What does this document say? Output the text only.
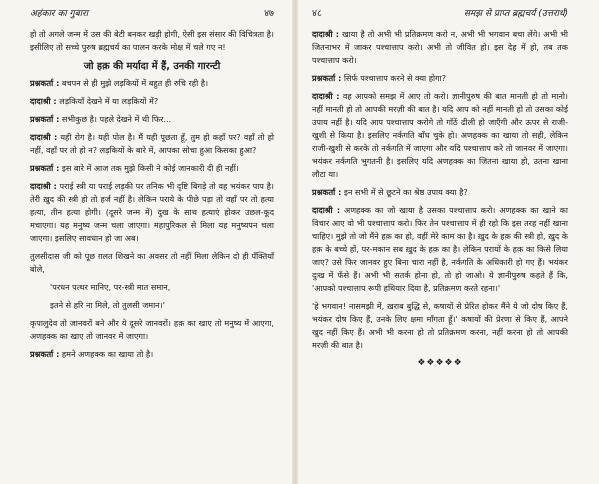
अहंकार का गुबारा	४७

हो तो अगले जन्म में उस की बेटी बनकर खड़ी होगी, ऐसी इस संसार की विचित्रता है। इसीलिए तो सच्चे पुरुष ब्रह्मचर्य का पालन करके मोक्ष में चले गए न!

जो हक़ की मर्यादा में हैं, उनकी गारन्टी

प्रश्नकर्ता : बचपन से ही मुझे लड़कियों में बहुत ही रुचि रही है।

दादाश्री : लड़कियाँ देखने में या लड़कियों में?

प्रश्नकर्ता : सभीकुछ है। पहले देखने में थी फिर...

दादाश्री : यही रोग है। यही पोल है। मैं यही पूछता हूँ, तुम हो कहाँ पर? वहाँ तो हो नहीं, वहाँ पर तो हो न? लड़कियों के बारे में, आपका सोचा हुआ किसका हुआ?

प्रश्नकर्ता : इस बारे में आज तक मुझे किसी ने कोई जानकारी दी ही नहीं।

दादाश्री : पराई स्त्री या पराई लड़की पर तनिक भी दृष्टि बिगड़े तो वह भयंकर पाप है। तेरी ख़ुद की स्त्री हो तो हर्ज नहीं है। लेकिन पराये के पीछे पड़ा तो वहाँ पर तो हत्या हत्या, तीन हत्या होगी। (दूसरे जन्म में) दुख के साथ हत्याएं होकर उछल-कूद मचाएगा। यह मनुष्य जन्म चला जाएगा। महापुरिकल से मिला यह मनुष्यपन चला जाएगा। इसलिए सावधान हो जा अब।

तुलसीदास जी को पूछ ग़लत शिखने का अवसर तो नहीं मिला लेकिन दो ही पँक्तियाँ बोले,

'परधन पत्थर मानिए, पर-स्त्री मात समान,

इतने से हरि ना मिले, तो तुलसी जमान।'

कृपालुदेव तो जानवरों बने और ये दूसरे जानवरों। हक़ का खाए तो मनुष्य में आएगा, अणहक्क का खाए तो जानवर में जाएगा।

प्रश्नकर्ता : हमने अणहक्क का खाया तो है।

४८	समझ से प्राप्त ब्रह्मचर्य (उत्तरार्ध)

दादाश्री : खाया है तो अभी भी प्रतिक्रमण करो न, अभी भी भगवान बचा लेंगे। अभी भी जितनाभर में जाकर पश्चात्ताप करो। अभी तो जीवित हो। इस देह में हो, तब तक पश्चात्ताप करो।

प्रश्नकर्ता : सिर्फ पश्चात्ताप करने से क्या होगा?

दादाश्री : वह आपको समझ में आए तो करो। ज्ञानीपुरुष की बात मानती हो तो मानो। नहीं मानती हो तो आपकी मरज़ी की बात है। यदि आप को नहीं मानती हो तो उसका कोई उपाय नहीं है। यदि आप पश्चात्ताप करोगे तो गाँठें ढीली हो जाएँगी और ऊपर से राजी-खुशी से किया है। इसलिए नर्कगति बाँध चुके हो। अणहक्क का खाया तो सही, लेकिन राजी-खुशी से करके तो नर्कगति में जाएगा और यदि पश्चात्ताप करे तो जानवर में जाएगा। भयंकर नर्कगति भुगतनी है। इसलिए यदि अणहक्क का जितना खाया हो, उतना खाना लौटा या।

प्रश्नकर्ता : इन सभी में से छूटने का श्रेष्ठ उपाय क्या है?

दादाश्री : अणहक्क का जो खाया है उसका पश्चात्ताप करो। अणहक्क का खाने का विचार आए वो भी पश्चात्ताप करो। फिर तेन पश्चात्ताप में ही रहो कि इस तरह नहीं खाना चाहिए। मुझे तो जो मैंने हक़ का हो, वहीं मेरे काम का है। ख़ुद के हक़ की स्त्री हो, ख़ुद के हक़ के बच्चे हों, पर-मकान सब ख़ुद के हक़ का है। लेकिन परायों के हक़ का किसे लिया जाए? उसे फिर जानवर हुए बिना चारा नहीं है, नर्कगति के अधिकारी हो गए हैं। भयंकर दुःख में फँसे हैं। अभी भी सतर्क होना हो, तो हो जाओ। ये ज्ञानीपुरुष कहते हैं कि, 'आपको पश्चात्ताप रूपी हथियार दिया है, प्रतिक्रमण करते रहना।'

'हे भगवान! नासमझी में, ख़राब बुद्धि से, कषायों से प्रेरित होकर मैंने ये जो दोष किए हैं, भयंकर दोष किए हैं, उनके लिए क्षमा माँगता हूँ।' कषायों की प्रेरणा से किए हैं, आपने खुद नहीं किए हैं। अभी भी करना हो तो प्रतिक्रमण करना, नहीं करना हो तो आपकी मरज़ी की बात है।

❖❖❖❖❖
